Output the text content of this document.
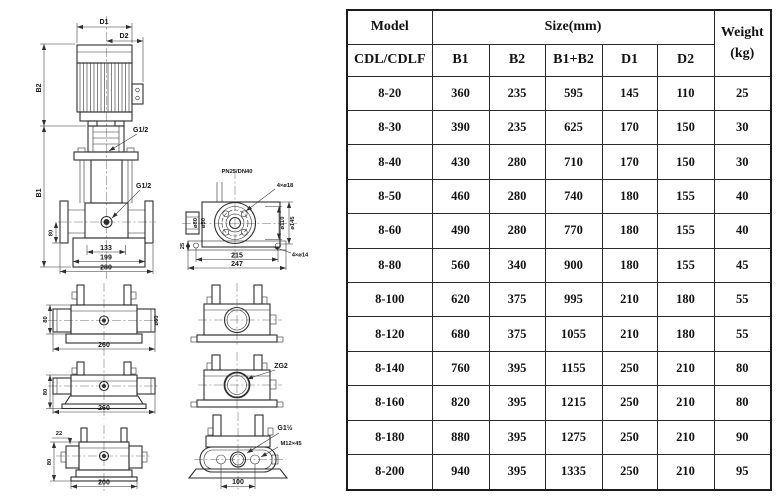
D1
D2
B2
B1
80
133
199
280
G1/2
G1/2
PN25/DN40
4×ø18
ø80 ø50	ø110 ø145
25
215
247
4×ø14
ø60
80
260
80
260
22
80
200
ZG2
G1½
M12×45
100
Model	Size(mm)					Weight
(kg)

CDL/CDLF	B1	B2	B1+B2	D1	D2	
8-20	360	235	595	145	110	25
8-30	390	235	625	170	150	30
8-40	430	280	710	170	150	30
8-50	460	280	740	180	155	40
8-60	490	280	770	180	155	40
8-80	560	340	900	180	155	45
8-100	620	375	995	210	180	55
8-120	680	375	1055	210	180	55
8-140	760	395	1155	250	210	80
8-160	820	395	1215	250	210	80
8-180	880	395	1275	250	210	90
8-200	940	395	1335	250	210	95
